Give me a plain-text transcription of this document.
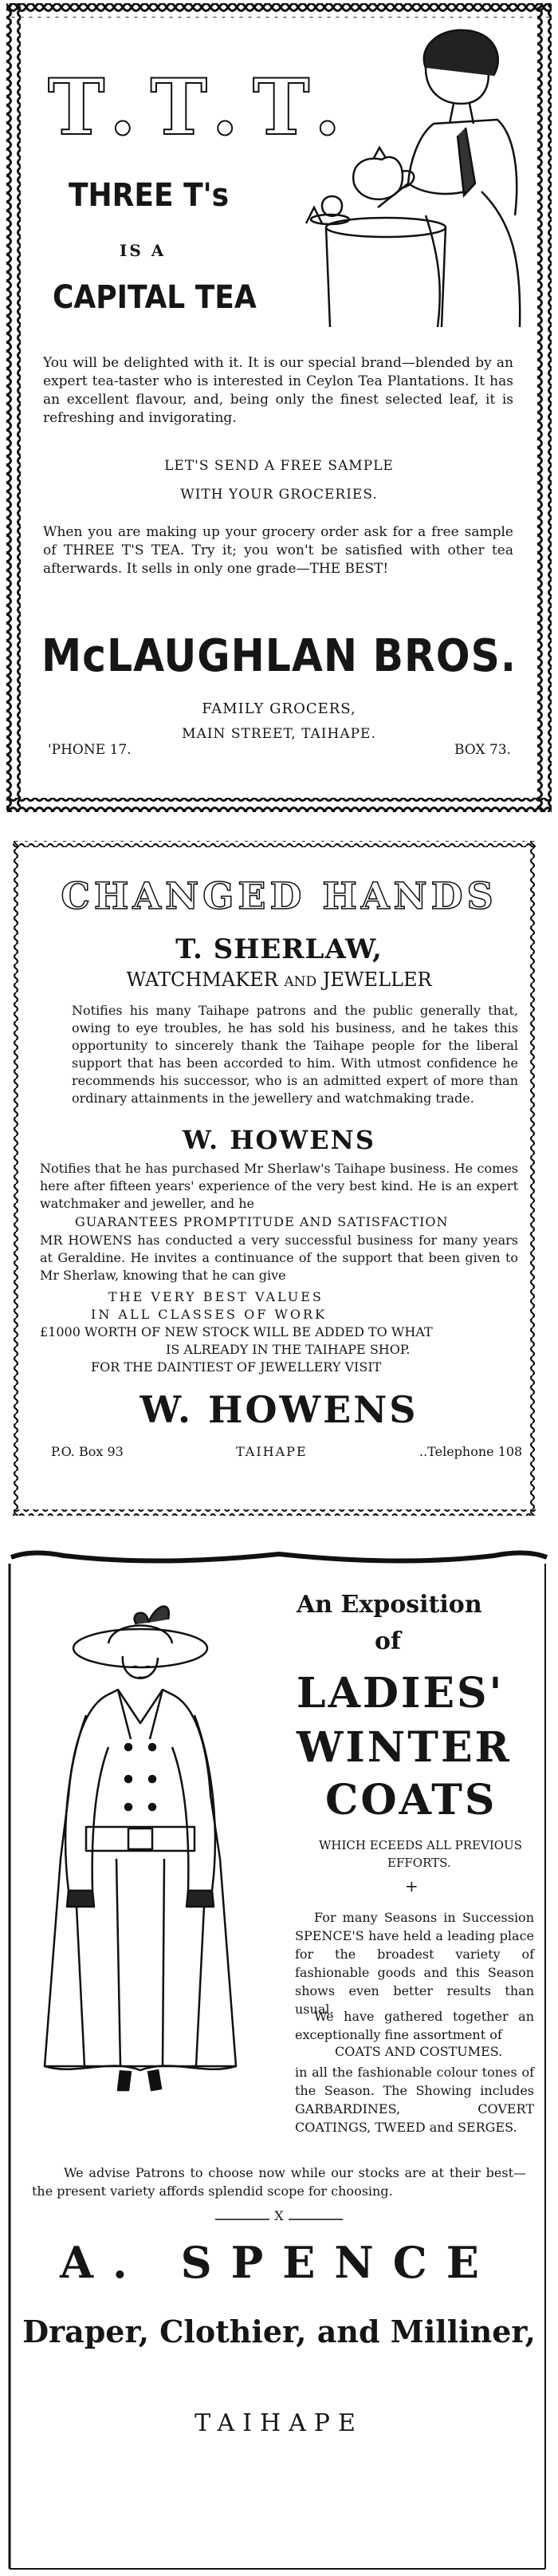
T.T.T.
THREE T's
IS A
CAPITAL TEA
You will be delighted with it. It is our special brand—blended by an expert tea-taster who is interested in Ceylon Tea Plantations. It has an excellent flavour, and, being only the finest selected leaf, it is refreshing and invigorating.
LET'S SEND A FREE SAMPLE
WITH YOUR GROCERIES.
When you are making up your grocery order ask for a free sample of THREE T'S TEA. Try it; you won't be satisfied with other tea afterwards. It sells in only one grade—THE BEST!
McLAUGHLAN BROS.
FAMILY GROCERS,
MAIN STREET, TAIHAPE.
'PHONE 17.	BOX 73.
CHANGED HANDS
T. SHERLAW,
WATCHMAKER AND JEWELLER
Notifies his many Taihape patrons and the public generally that, owing to eye troubles, he has sold his business, and he takes this opportunity to sincerely thank the Taihape people for the liberal support that has been accorded to him. With utmost confidence he recommends his successor, who is an admitted expert of more than ordinary attainments in the jewellery and watchmaking trade.
W. HOWENS
Notifies that he has purchased Mr Sherlaw's Taihape business. He comes here after fifteen years' experience of the very best kind. He is an expert watchmaker and jeweller, and he
GUARANTEES PROMPTITUDE AND SATISFACTION
MR HOWENS has conducted a very successful business for many years at Geraldine. He invites a continuance of the support that been given to Mr Sherlaw, knowing that he can give
THE VERY BEST VALUES
IN ALL CLASSES OF WORK
£1000 WORTH OF NEW STOCK WILL BE ADDED TO WHAT
IS ALREADY IN THE TAIHAPE SHOP.
FOR THE DAINTIEST OF JEWELLERY VISIT
W. HOWENS
P.O. Box 93	TAIHAPE	..Telephone 108
An Exposition
of
LADIES'
WINTER
COATS
WHICH ECEEDS ALL PREVIOUS
EFFORTS.
+
For many Seasons in Succession SPENCE'S have held a leading place for the broadest variety of fashionable goods and this Season shows even better results than usual.
We have gathered together an exceptionally fine assortment of
COATS AND COSTUMES.
in all the fashionable colour tones of the Season. The Showing includes GARBARDINES, COVERT COATINGS, TWEED and SERGES.
We advise Patrons to choose now while our stocks are at their best—the present variety affords splendid scope for choosing.
X
A. SPENCE
Draper, Clothier, and Milliner,
TAIHAPE
